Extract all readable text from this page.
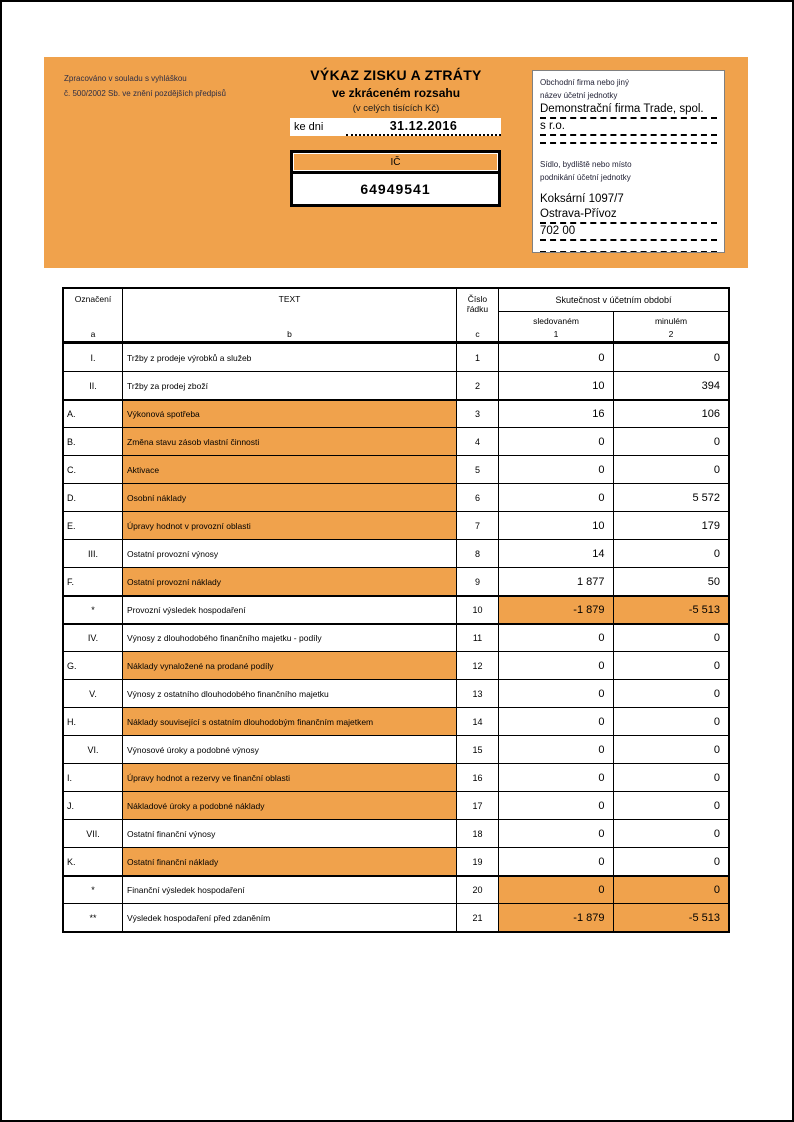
Zpracováno v souladu s vyhláškou
č. 500/2002 Sb. ve znění pozdějších předpisů
VÝKAZ ZISKU A ZTRÁTY
ve zkráceném rozsahu
(v celých tisících Kč)
ke dni	31.12.2016
IČ
64949541
Obchodní firma nebo jiný
název účetní jednotky
Demonstrační firma Trade, spol.
s r.o.
Sídlo, bydliště nebo místo
podnikání účetní jednotky
Koksární 1097/7
Ostrava-Přívoz
702 00
Označení
a
TEXT
b
Číslo
řádku
c
Skutečnost v účetním období
sledovaném
1
minulém
2
I.	Tržby z prodeje výrobků a služeb	1	0	0
II.	Tržby za prodej zboží	2	10	394
A.	Výkonová spotřeba	3	16	106
B.	Změna stavu zásob vlastní činnosti	4	0	0
C.	Aktivace	5	0	0
D.	Osobní náklady	6	0	5 572
E.	Úpravy hodnot v provozní oblasti	7	10	179
III.	Ostatní provozní výnosy	8	14	0
F.	Ostatní provozní náklady	9	1 877	50
*	Provozní výsledek hospodaření	10	-1 879	-5 513
IV.	Výnosy z dlouhodobého finančního majetku - podíly	11	0	0
G.	Náklady vynaložené na prodané podíly	12	0	0
V.	Výnosy z ostatního dlouhodobého finančního majetku	13	0	0
H.	Náklady související s ostatním dlouhodobým finančním majetkem	14	0	0
VI.	Výnosové úroky a podobné výnosy	15	0	0
I.	Úpravy hodnot a rezervy ve finanční oblasti	16	0	0
J.	Nákladové úroky a podobné náklady	17	0	0
VII.	Ostatní finanční výnosy	18	0	0
K.	Ostatní finanční náklady	19	0	0
*	Finanční výsledek hospodaření	20	0	0
**	Výsledek hospodaření před zdaněním	21	-1 879	-5 513
